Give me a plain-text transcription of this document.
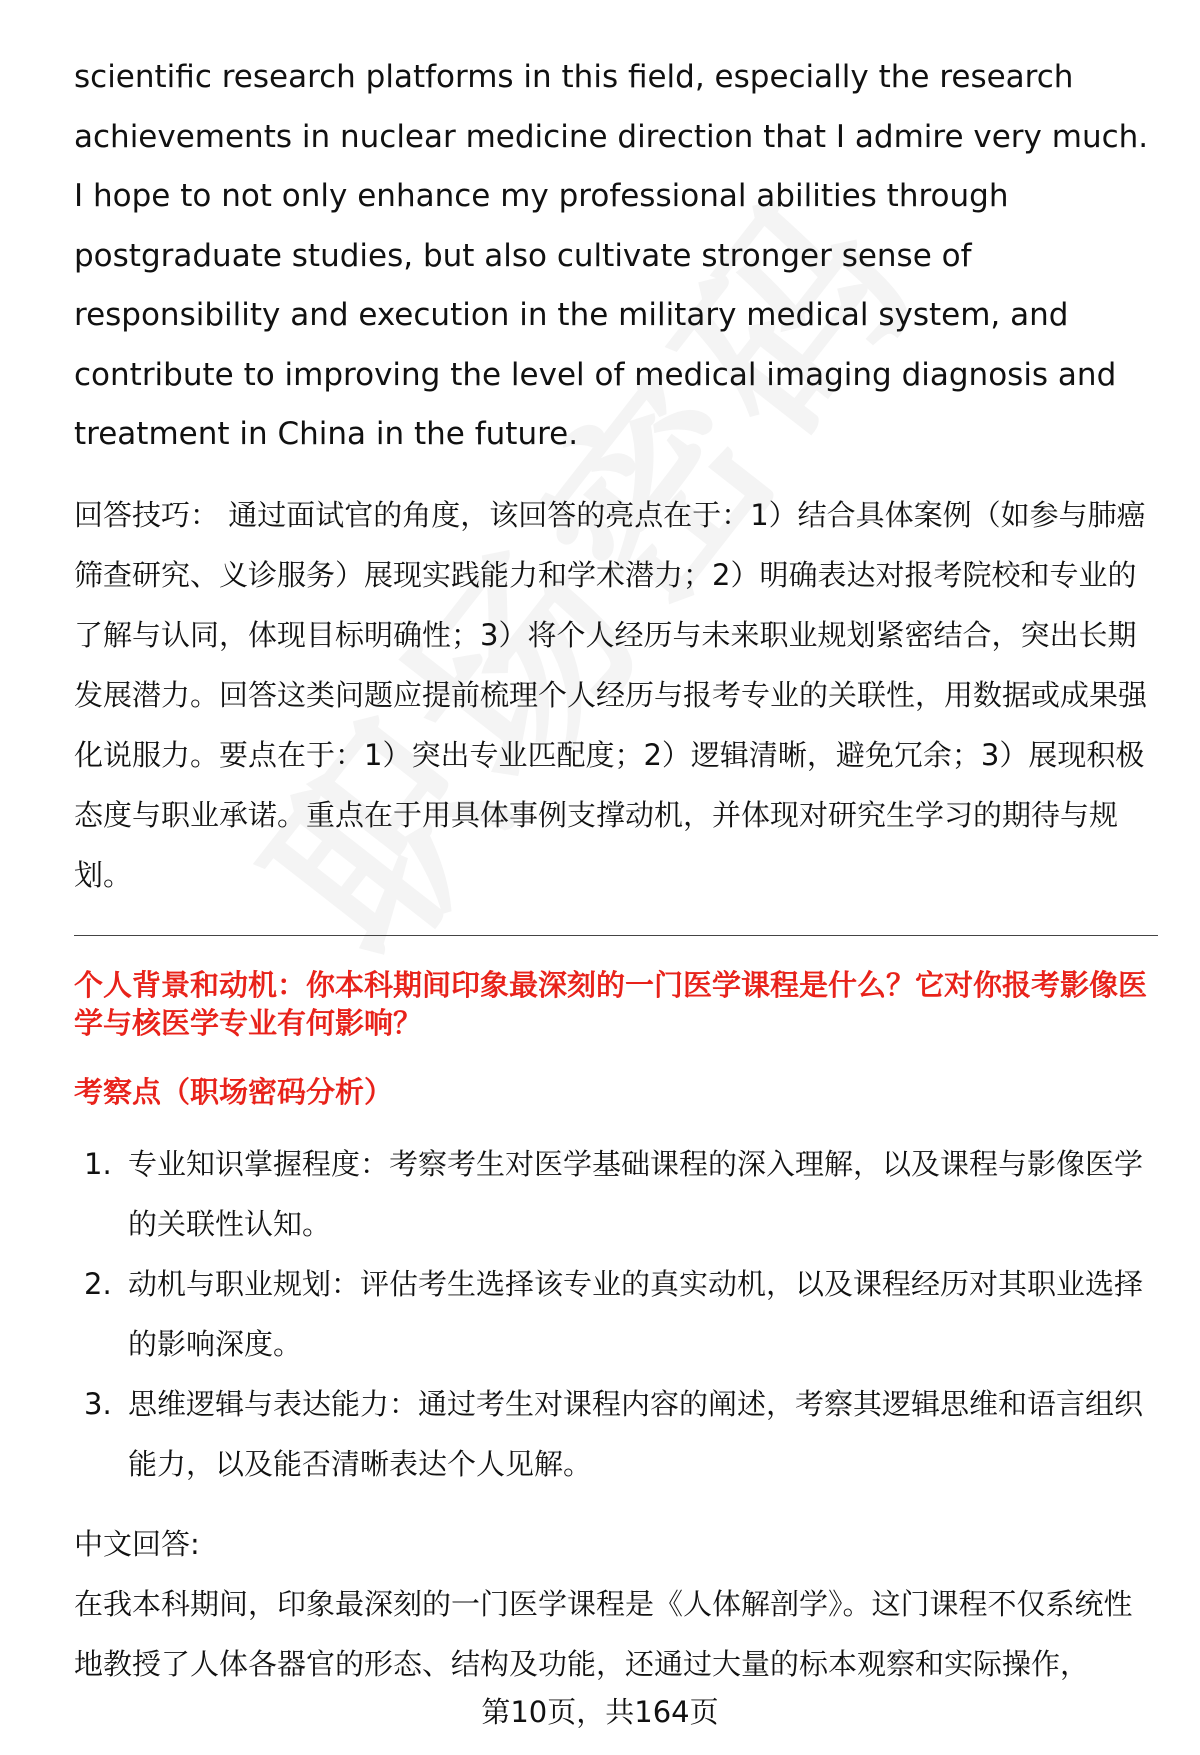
scientific research platforms in this field, especially the research achievements in nuclear medicine direction that I admire very much. I hope to not only enhance my professional abilities through postgraduate studies, but also cultivate stronger sense of responsibility and execution in the military medical system, and contribute to improving the level of medical imaging diagnosis and treatment in China in the future.

回答技巧： 通过面试官的角度，该回答的亮点在于：1）结合具体案例（如参与肺癌筛查研究、义诊服务）展现实践能力和学术潜力；2）明确表达对报考院校和专业的了解与认同，体现目标明确性；3）将个人经历与未来职业规划紧密结合，突出长期发展潜力。回答这类问题应提前梳理个人经历与报考专业的关联性，用数据或成果强化说服力。要点在于：1）突出专业匹配度；2）逻辑清晰，避免冗余；3）展现积极态度与职业承诺。重点在于用具体事例支撑动机，并体现对研究生学习的期待与规划。

个人背景和动机：你本科期间印象最深刻的一门医学课程是什么？它对你报考影像医学与核医学专业有何影响？
考察点（职场密码分析）
1. 专业知识掌握程度：考察考生对医学基础课程的深入理解，以及课程与影像医学的关联性认知。
2. 动机与职业规划：评估考生选择该专业的真实动机，以及课程经历对其职业选择的影响深度。
3. 思维逻辑与表达能力：通过考生对课程内容的阐述，考察其逻辑思维和语言组织能力，以及能否清晰表达个人见解。

中文回答:

在我本科期间，印象最深刻的一门医学课程是《人体解剖学》。这门课程不仅系统性地教授了人体各器官的形态、结构及功能，还通过大量的标本观察和实际操作，

第10页，共164页
